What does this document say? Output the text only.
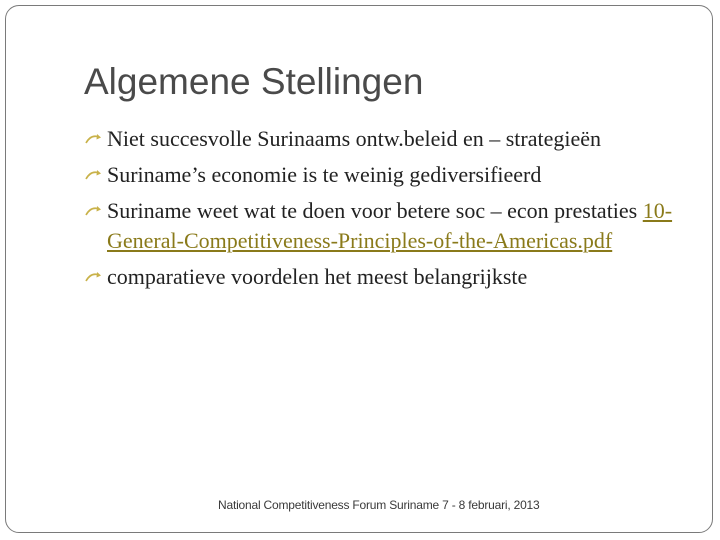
Algemene Stellingen
Niet succesvolle Surinaams ontw.beleid en – strategieën
Suriname’s economie is te weinig gediversifieerd
Suriname weet wat te doen voor betere soc – econ prestaties 10-General-Competitiveness-Principles-of-the-Americas.pdf
comparatieve voordelen het meest belangrijkste
National Competitiveness Forum Suriname 7 - 8 februari, 2013
